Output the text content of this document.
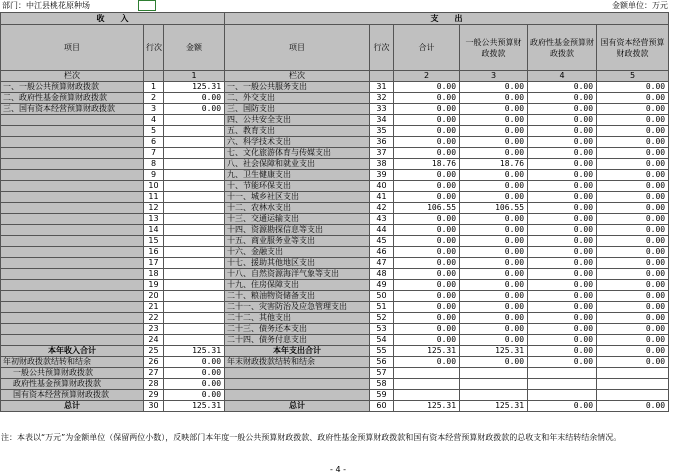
部门：中江县桃花原种场	金额单位：万元
收　　入			支　　出					
项目	行次	金额	项目	行次	合计	一般公共预算财政拨款	政府性基金预算财政拨款	国有资本经营预算财政拨款
栏次		1	栏次		2	3	4	5
一、一般公共预算财政拨款	1	125.31	一、一般公共服务支出	31	0.00	0.00	0.00	0.00
二、政府性基金预算财政拨款	2	0.00	二、外交支出	32	0.00	0.00	0.00	0.00
三、国有资本经营预算财政拨款	3	0.00	三、国防支出	33	0.00	0.00	0.00	0.00
	4		四、公共安全支出	34	0.00	0.00	0.00	0.00
	5		五、教育支出	35	0.00	0.00	0.00	0.00
	6		六、科学技术支出	36	0.00	0.00	0.00	0.00
	7		七、文化旅游体育与传媒支出	37	0.00	0.00	0.00	0.00
	8		八、社会保障和就业支出	38	18.76	18.76	0.00	0.00
	9		九、卫生健康支出	39	0.00	0.00	0.00	0.00
	10		十、节能环保支出	40	0.00	0.00	0.00	0.00
	11		十一、城乡社区支出	41	0.00	0.00	0.00	0.00
	12		十二、农林水支出	42	106.55	106.55	0.00	0.00
	13		十三、交通运输支出	43	0.00	0.00	0.00	0.00
	14		十四、资源勘探信息等支出	44	0.00	0.00	0.00	0.00
	15		十五、商业服务业等支出	45	0.00	0.00	0.00	0.00
	16		十六、金融支出	46	0.00	0.00	0.00	0.00
	17		十七、援助其他地区支出	47	0.00	0.00	0.00	0.00
	18		十八、自然资源海洋气象等支出	48	0.00	0.00	0.00	0.00
	19		十九、住房保障支出	49	0.00	0.00	0.00	0.00
	20		二十、粮油物资储备支出	50	0.00	0.00	0.00	0.00
	21		二十一、灾害防治及应急管理支出	51	0.00	0.00	0.00	0.00
	22		二十二、其他支出	52	0.00	0.00	0.00	0.00
	23		二十三、债务还本支出	53	0.00	0.00	0.00	0.00
	24		二十四、债务付息支出	54	0.00	0.00	0.00	0.00
本年收入合计	25	125.31	本年支出合计	55	125.31	125.31	0.00	0.00
年初财政拨款结转和结余	26	0.00	年末财政拨款结转和结余	56	0.00	0.00	0.00	0.00
一般公共预算财政拨款	27	0.00		57				
政府性基金预算财政拨款	28	0.00		58				
国有资本经营预算财政拨款	29	0.00		59				
总计	30	125.31	总计	60	125.31	125.31	0.00	0.00
注：本表以“万元”为金额单位（保留两位小数），反映部门本年度一般公共预算财政拨款、政府性基金预算财政拨款和国有资本经营预算财政拨款的总收支和年末结转结余情况。
- 4 -
